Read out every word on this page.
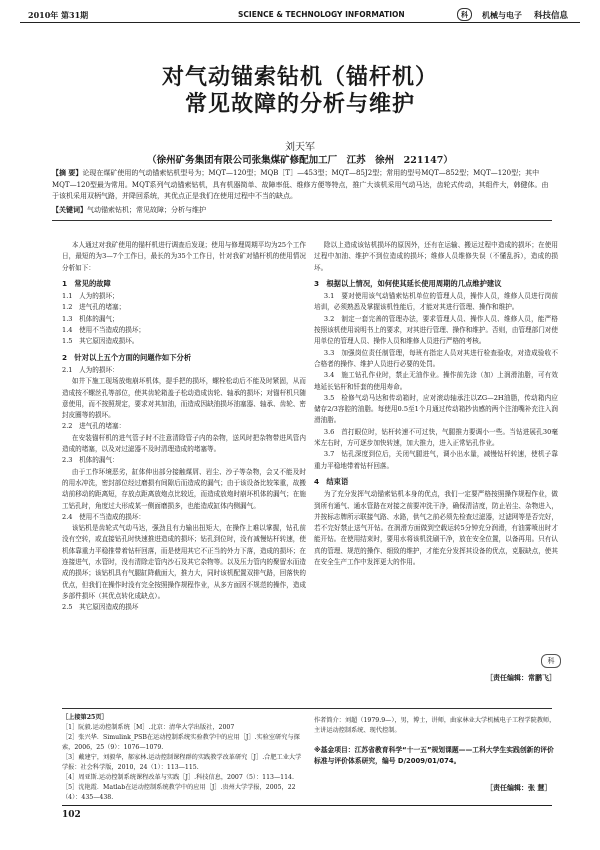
2010年 第31期	SCIENCE & TECHNOLOGY INFORMATION	科	机械与电子 科技信息
对气动锚索钻机（锚杆机）
常见故障的分析与维护
刘天军
（徐州矿务集团有限公司张集煤矿修配加工厂　江苏　徐州　221147）
【摘 要】论现在煤矿使用的气动锚索钻机型号为；MQT—120型；MQB［T］—453型；MQT—85J2型；常用的型号MQT—852型；MQT—120型；其中MQT—120型最为常用。MQT系列气动锚索钻机，具有机器简单、故障率低、维修方便等特点，推广大该机采用气动马达，齿轮式传动，其组件大，韩健体。由于该机采用双柄气路，并降回系统，其优点正是我们在使用过程中不当的缺点。
【关键词】气动锚索钻机；常见故障；分析与维护

本人通过对我矿使用的锚杆机进行调查后发现；使用与修理周期平均为25个工作日，最短的为3—7个工作日，最长的为35个工作日，针对我矿对锚杆机的使用情况分析如下：

1　常见的故障

1.1　人为的损坏；

1.2　进气孔的堵塞；

1.3　机体的漏气；

1.4　使用不当造成的损坏；

1.5　其它原因造成损坏。

2　针对以上五个方面的问题作如下分析

2.1　人为的损坏：

如井下施工现场放炮崩坏机体，提手把的损坏，螺栓松动后不能及时紧固，从而造成按不螺丝孔等部位，使其齿轮箱盖子松动造成齿轮、轴承的损坏；对锚杆机只随意使用，而不按照规定，要求对其加油，而造成因缺油损坏油塞器、轴承、齿轮、密封皮圈等的损坏。

2.2　进气孔的堵塞：

在安装锚杆机的进气管子时不注意清除管子内的杂物，送风时把杂物带进风管内造成的堵塞，以及对过滤器不及时清理造成的堵塞等。

2.3　机体的漏气：

由于工作环境恶劣，缸体伸出部分接触煤屑、岩尘、沙子等杂物，会又不能及时的用水冲洗，密封部位经过磨损有间隙后而造成的漏气；由于该设备比较笨重，故搬动前移动的距离短，存放点距离放炮点比较近，而造成放炮时崩坏机体的漏气；在施工钻孔时，角度过大形成某一侧面磨损多，也能造成缸体内侧漏气。

2.4　使用不当造成的损坏：

该钻机是齿轮式气动马达，强劲且有力输出扭矩大，在操作上难以掌握，钻孔前没有空转，或直接钻孔时快速推进造成的损坏；钻孔到位时，没有减慢钻杆转速，使机体靠重力平稳推带着钻杆回落，而是使用其它不正当的外力下落，造成的损坏；在连接进气，水管时，没有清除走管内沙石及其它杂物等。以及压力管内的聚留水而造成的损坏；该钻机具有气腿缸降截面大，推力大，同时该机配置双排气路，回落快的优点，但我们在操作时没有完全按照操作规程作业，从多方面因不规范的操作，造成多部件损坏（其优点转化成缺点）。

2.5　其它原因造成的损坏

除以上造成该钻机损坏的原因外，还有在运输、搬运过程中造成的损坏；在使用过程中加油、维护不到位造成的损坏；维修人员维修失误（不懂乱拆），造成的损坏。

3　根据以上情况，如何使其延长使用周期的几点维护建议

3.1　要对使用该气动锚索钻机单位的管理人员，操作人员，维修人员进行岗前培训，必须熟悉及掌握该机性能后，才能对其进行管理、操作和维护。

3.2　制定一套完善的管理办法，要求管理人员、操作人员、维修人员，能严格按照该机使用说明书上的要求，对其进行管理、操作和维护。否则，由管理部门对使用单位的管理人员、操作人员和维修人员进行严格的考核。

3.3　加强岗位责任制管理，每班有指定人员对其进行检查验收，对造成验收不合格者的操作、维护人员进行必要的处罚。

3.4　施工钻孔作业时，禁止无油作业。操作前先涂（加）上润滑油脂，可有效地延长钻杆和钎套的使用寿命。

3.5　检修气动马达和传动箱时，应对滚动轴承注以ZG—2H油脂，传动箱内应储存2/3容腔的油脂。每使用0.5至1个月通过传动箱抄齿感的两个注油嘴补充注入润滑油脂。

3.6　首打眼位时，钻杆转速不可过快，气腿推力要调小一些。当钻进展孔30毫米左右时，方可逐步加快转速，加大推力，进入正常钻孔作业。

3.7　钻孔深度到位后，关闭气腿进气，调小出水量，减慢钻杆转速，使机子靠重力平稳地带着钻杆回落。

4　结束语

为了充分发挥气动锚索钻机本身的优点，我们一定要严格按照操作规程作业，做到所有通气、通水管路在对接之前要冲洗干净，确保清洁度，防止岩尘、杂物进入，并按标志牌所示联接气路、水路，供气之前必须先检查过滤器，过滤网等是否完好，若不完好禁止送气开钻。在润滑方面做到空载运转5分钟充分润滑，有油雾喷出时才能开钻。在使用结束时，要用水将该机洗刷干净，放在安全位置，以备再用。只有认真的管理、规范的操作、细致的维护，才能充分发挥其设备的优点，克服缺点，使其在安全生产工作中发挥更大的作用。

科
［责任编辑：常鹏飞］

［上接第25页］

［1］阮毅.运动控制系统［M］.北京：清华大学出版社，2007

［2］张兴华．Simulink_PSB在运动控制系统实验教学中的应用［J］.实验室研究与探索，2006，25（9）：1076—1079.

［3］戴建宁，刘毅华，郝家林.运动控制课程群的实践教学改革研究［J］.合肥工业大学学报：社会科学版，2010，24（1）：113—115.

［4］周亚斯.运动控制系统课程改革与实践［J］.科技信息，2007（5）：113—114.

［5］沈艳霞．Matlab在运动控制系统教学中的应用［J］.贵州大学学报，2005，22（4）：435—438.

作者简介：刘超（1979.9—），男，博士，讲师，曲家林业大学机械电子工程学院教师，主讲运动控制系统、现代控制。
※基金项目：江苏省教育科学“十一五”规划课题——工科大学生实践创新的评价标准与评价体系研究，编号 D/2009/01/074。
［责任编辑：张 慧］
102
